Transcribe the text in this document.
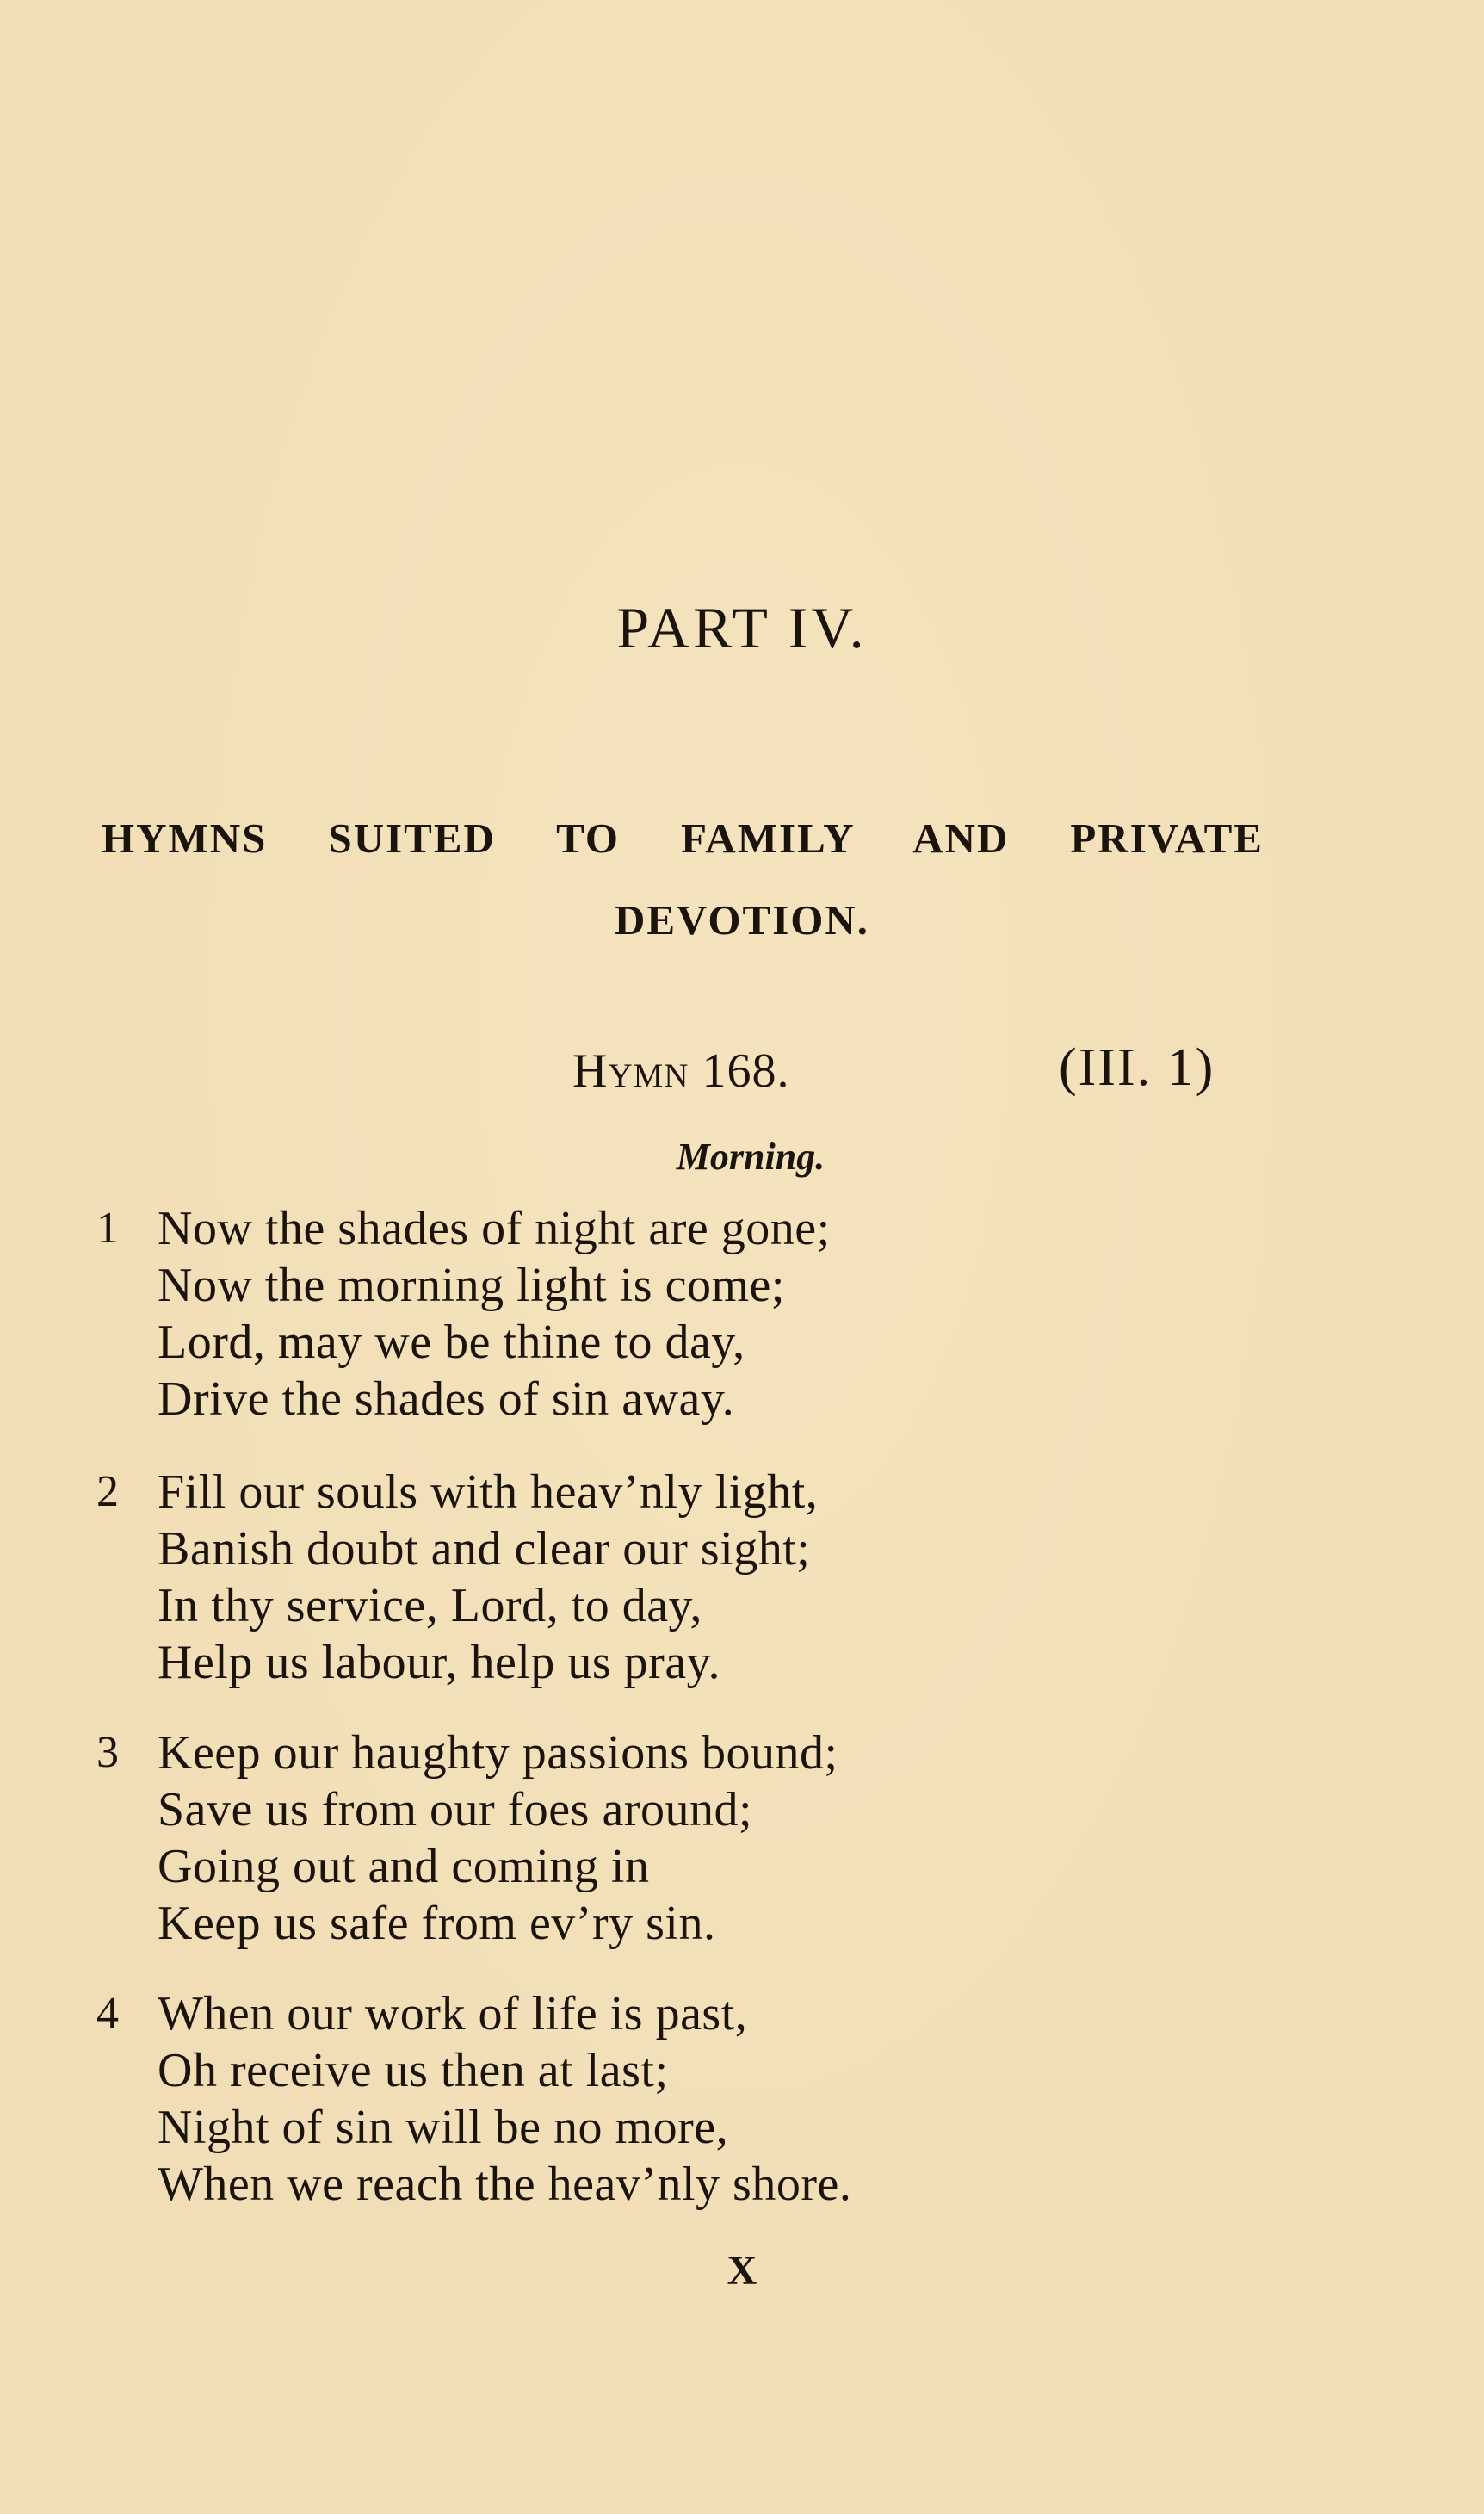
PART IV.
HYMNS SUITED TO FAMILY AND PRIVATE
DEVOTION.
Hymn 168.	(III. 1)
Morning.
1 Now the shades of night are gone;
Now the morning light is come;
Lord, may we be thine to day,
Drive the shades of sin away.
2 Fill our souls with heav’nly light,
Banish doubt and clear our sight;
In thy service, Lord, to day,
Help us labour, help us pray.
3 Keep our haughty passions bound;
Save us from our foes around;
Going out and coming in
Keep us safe from ev’ry sin.
4 When our work of life is past,
Oh receive us then at last;
Night of sin will be no more,
When we reach the heav’nly shore.
X
